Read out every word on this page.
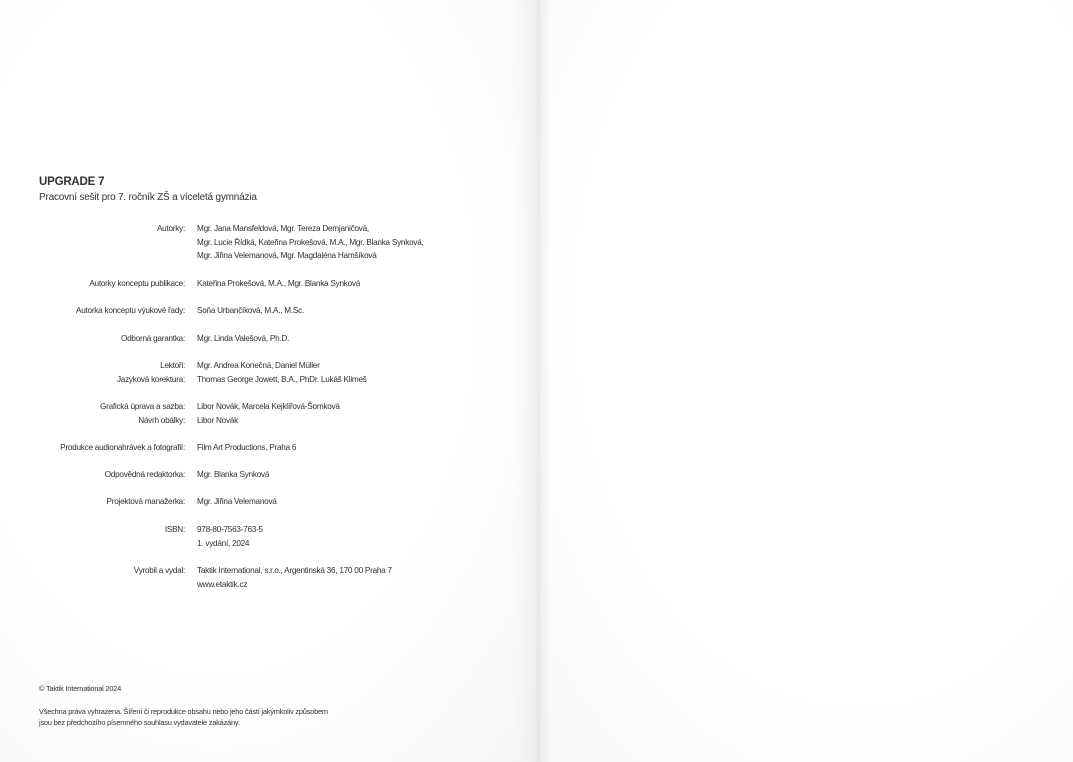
UPGRADE 7
Pracovní sešit pro 7. ročník ZŠ a víceletá gymnázia
Autorky: Mgr. Jana Mansfeldová, Mgr. Tereza Demjaničová,
Mgr. Lucie Řídká, Kateřina Prokešová, M.A., Mgr. Blanka Synková,
Mgr. Jiřina Velemanová, Mgr. Magdaléna Hamšíková
Autorky konceptu publikace: Kateřina Prokešová, M.A., Mgr. Blanka Synková
Autorka konceptu výukové řady: Soňa Urbančíková, M.A., M.Sc.
Odborná garantka: Mgr. Linda Valešová, Ph.D.
Lektoři:
Jazyková korektura:
Mgr. Andrea Konečná, Daniel Müller
Thomas George Jowett, B.A., PhDr. Lukáš Klimeš
Grafická úprava a sazba:
Návrh obálky:
Libor Novák, Marcela Kejklířová-Šomková
Libor Novák
Produkce audionahrávek a fotografií: Film Art Productions, Praha 6
Odpovědná redaktorka: Mgr. Blanka Synková
Projektová manažerka: Mgr. Jiřina Velemanová
ISBN: 978-80-7563-763-5
1. vydání, 2024
Vyrobil a vydal: Taktik International, s.r.o., Argentinská 36, 170 00 Praha 7
www.etaktik.cz
© Taktik International 2024
Všechna práva vyhrazena. Šíření či reprodukce obsahu nebo jeho částí jakýmkoliv způsobem
jsou bez předchozího písemného souhlasu vydavatele zakázány.
